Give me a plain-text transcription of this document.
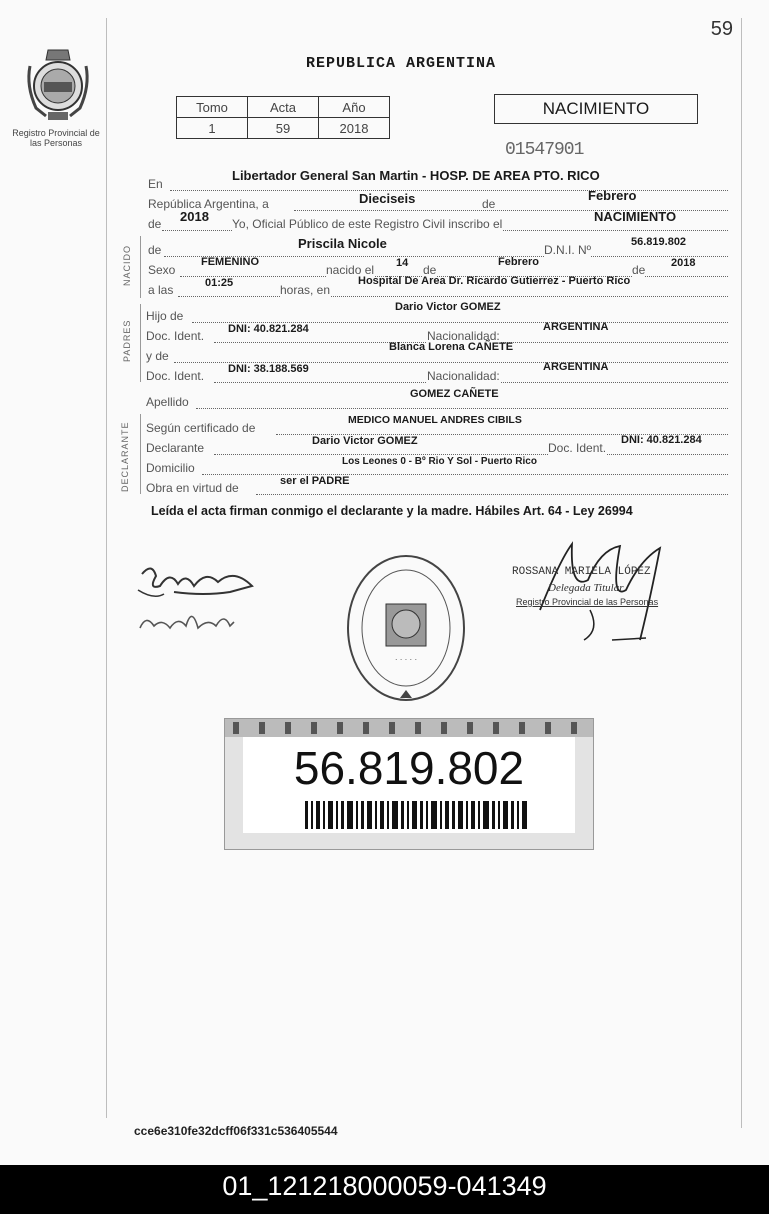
59
Registro Provincial de las Personas
REPUBLICA ARGENTINA
Tomo	Acta	Año
1	59	2018
NACIMIENTO
01547901
En
Libertador General San Martin - HOSP. DE AREA PTO. RICO
República Argentina, a	Dieciseis	de
Febrero
de 2018 Yo, Oficial Público de este Registro Civil inscribo el	NACIMIENTO
NACIDO de	Priscila Nicole	D.N.I. Nº
56.819.802
Sexo
FEMENINO
nacido el 14 de
Febrero
de 2018
a las	01:25	horas, en
Hospital De Area Dr. Ricardo Gutierrez - Puerto Rico
PADRES
Hijo de
Dario Victor GOMEZ
Doc. Ident. DNI: 40.821.284	Nacionalidad:
ARGENTINA
y de
Blanca Lorena CAÑETE
Doc. Ident. DNI: 38.188.569	Nacionalidad:
ARGENTINA
Apellido
GOMEZ CAÑETE
DECLARANTE Según certificado de
MEDICO MANUEL ANDRES CIBILS
Declarante	Dario Victor GOMEZ	Doc. Ident.
DNI: 40.821.284
Domicilio	Los Leones 0 - Bº Rio Y Sol - Puerto Rico
Obra en virtud de	ser el PADRE
Leída el acta firman conmigo el declarante y la madre. Hábiles Art. 64 - Ley 26994
· · · · ·
ROSSANA MARIELA LÓPEZ
Delegada Titular
Registro Provincial de las Personas
56.819.802
cce6e310fe32dcff06f331c536405544
01_121218000059-041349
